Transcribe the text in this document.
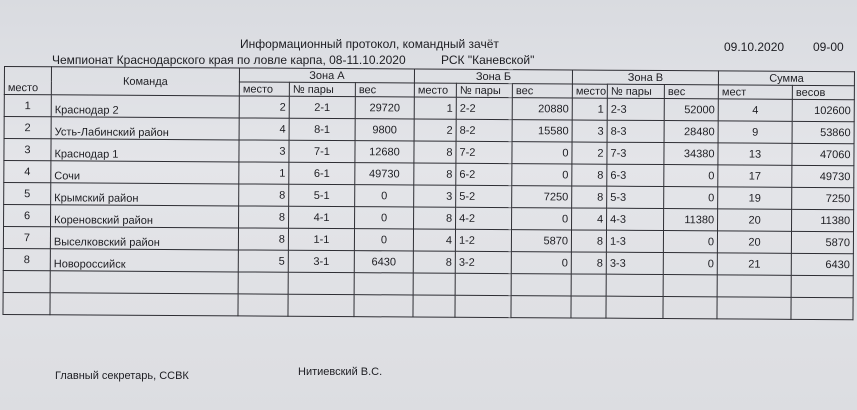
Информационный протокол, командный зачёт
Чемпионат Краснодарского края по ловле карпа, 08-11.10.2020	РСК "Каневской"
09.10.2020 09-00
место	Команда	Зона А			Зона Б			Зона В			Сумма	
		место	№ пары	вес	место	№ пары	вес	место	№ пары	вес	мест	весов
1	Краснодар 2	2	2-1	29720	1	2-2	20880	1	2-3	52000	4	102600
2	Усть-Лабинский район	4	8-1	9800	2	8-2	15580	3	8-3	28480	9	53860
3	Краснодар 1	3	7-1	12680	8	7-2	0	2	7-3	34380	13	47060
4	Сочи	1	6-1	49730	8	6-2	0	8	6-3	0	17	49730
5	Крымский район	8	5-1	0	3	5-2	7250	8	5-3	0	19	7250
6	Кореновский район	8	4-1	0	8	4-2	0	4	4-3	11380	20	11380
7	Выселковский район	8	1-1	0	4	1-2	5870	8	1-3	0	20	5870
8	Новороссийск	5	3-1	6430	8	3-2	0	8	3-3	0	21	6430

Главный секретарь, ССВК	Нитиевский В.С.
